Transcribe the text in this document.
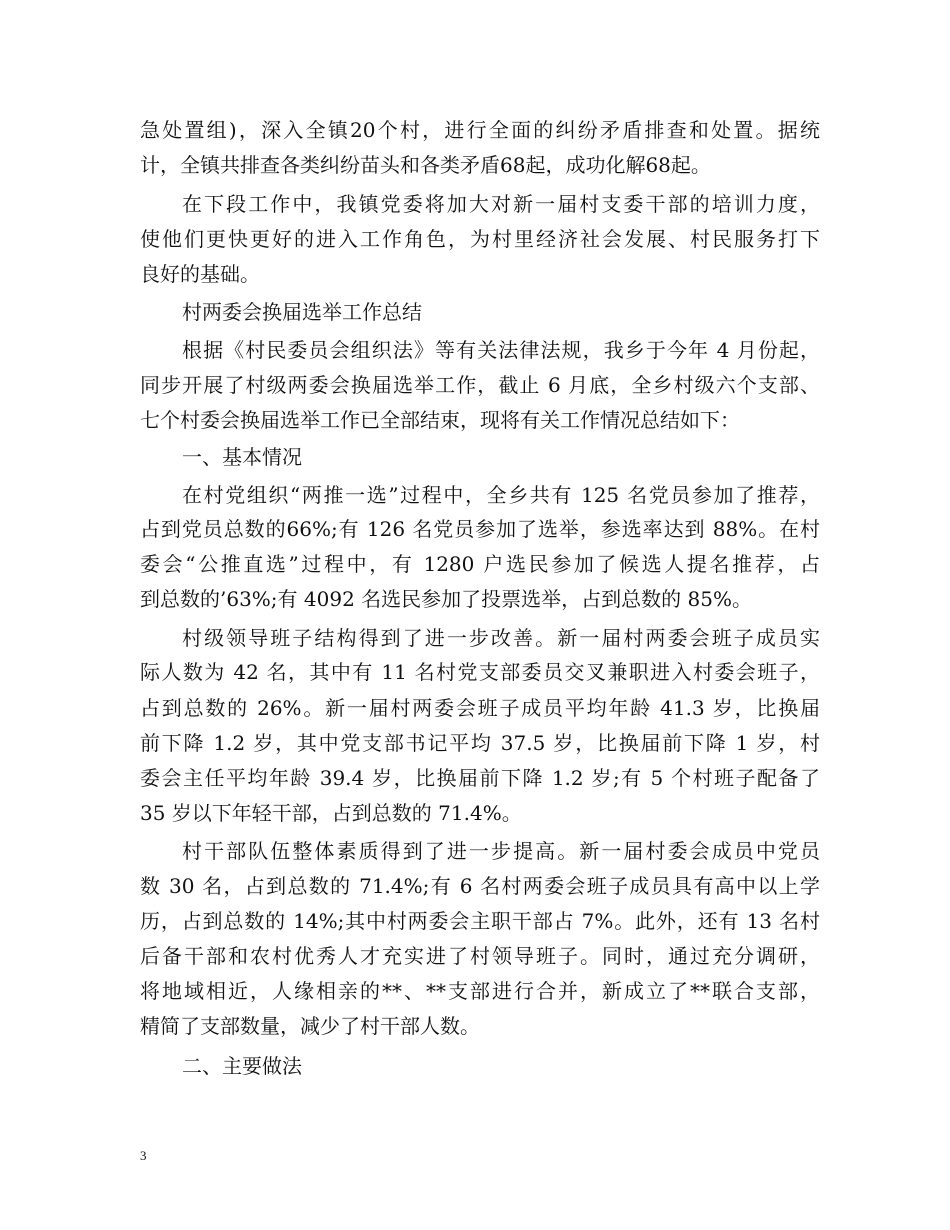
急处置组)，深入全镇20个村，进行全面的纠纷矛盾排查和处置。据统
计，全镇共排查各类纠纷苗头和各类矛盾68起，成功化解68起。
在下段工作中，我镇党委将加大对新一届村支委干部的培训力度，
使他们更快更好的进入工作角色，为村里经济社会发展、村民服务打下
良好的基础。
村两委会换届选举工作总结
根据《村民委员会组织法》等有关法律法规，我乡于今年 4 月份起，
同步开展了村级两委会换届选举工作，截止 6 月底，全乡村级六个支部、
七个村委会换届选举工作已全部结束，现将有关工作情况总结如下：
一、基本情况
在村党组织“两推一选”过程中，全乡共有 125 名党员参加了推荐，
占到党员总数的66%;有 126 名党员参加了选举，参选率达到 88%。在村
委会“公推直选”过程中，有 1280 户选民参加了候选人提名推荐，占
到总数的’63%;有 4092 名选民参加了投票选举，占到总数的 85%。
村级领导班子结构得到了进一步改善。新一届村两委会班子成员实
际人数为 42 名，其中有 11 名村党支部委员交叉兼职进入村委会班子，
占到总数的 26%。新一届村两委会班子成员平均年龄 41.3 岁，比换届
前下降 1.2 岁，其中党支部书记平均 37.5 岁，比换届前下降 1 岁，村
委会主任平均年龄 39.4 岁，比换届前下降 1.2 岁;有 5 个村班子配备了
35 岁以下年轻干部，占到总数的 71.4%。
村干部队伍整体素质得到了进一步提高。新一届村委会成员中党员
数 30 名，占到总数的 71.4%;有 6 名村两委会班子成员具有高中以上学
历，占到总数的 14%;其中村两委会主职干部占 7%。此外，还有 13 名村
后备干部和农村优秀人才充实进了村领导班子。同时，通过充分调研，
将地域相近，人缘相亲的**、**支部进行合并，新成立了**联合支部，
精简了支部数量，减少了村干部人数。
二、主要做法
3
